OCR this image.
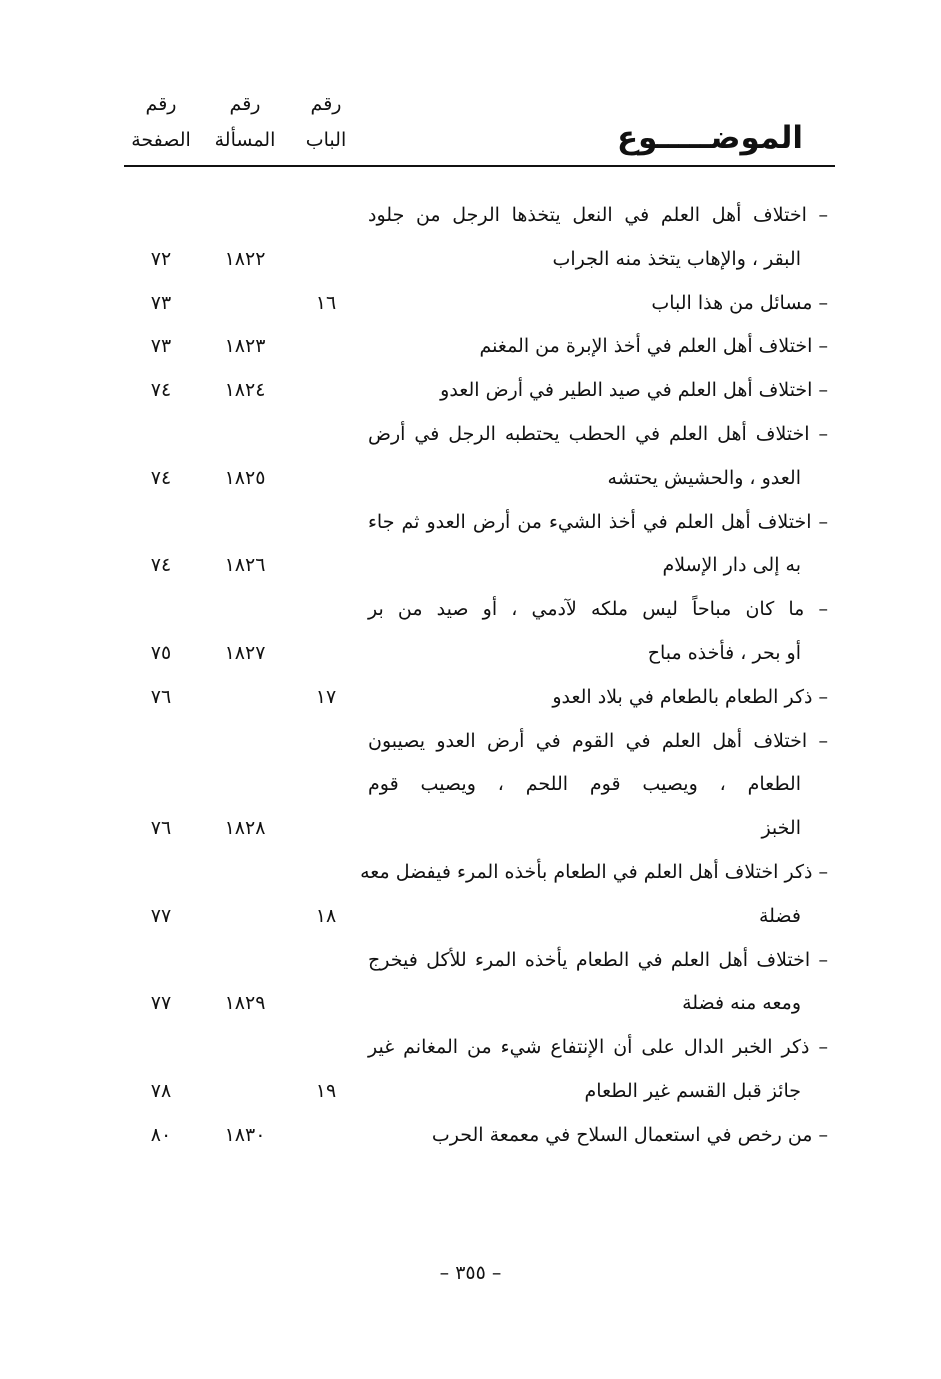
رقم
الباب
رقم
المسألة
رقم
الصفحة	الموضـــــوع
– اختلاف أهل العلم في النعل يتخذها الرجل من جلود
البقر ، والإهاب يتخذ منه الجراب
١٨٢٢
٧٢
– مسائل من هذا الباب
١٦
٧٣
– اختلاف أهل العلم في أخذ الإبرة من المغنم
١٨٢٣
٧٣
– اختلاف أهل العلم في صيد الطير في أرض العدو
١٨٢٤
٧٤
– اختلاف أهل العلم في الحطب يحتطبه الرجل في أرض
العدو ، والحشيش يحتشه
١٨٢٥
٧٤
– اختلاف أهل العلم في أخذ الشيء من أرض العدو ثم جاء
به إلى دار الإسلام
١٨٢٦
٧٤
– ما كان مباحاً ليس ملكه لآدمي ، أو صيد من بر
أو بحر ، فأخذه مباح
١٨٢٧
٧٥
– ذكر الطعام بالطعام في بلاد العدو
١٧
٧٦
– اختلاف أهل العلم في القوم في أرض العدو يصيبون
الطعام ، ويصيب قوم اللحم ، ويصيب قوم
الخبز
١٨٢٨
٧٦
– ذكر اختلاف أهل العلم في الطعام بأخذه المرء فيفضل معه
فضلة
١٨
٧٧
– اختلاف أهل العلم في الطعام يأخذه المرء للأكل فيخرج
ومعه منه فضلة
١٨٢٩
٧٧
– ذكر الخبر الدال على أن الإنتفاع شيء من المغانم غير
جائز قبل القسم غير الطعام
١٩
٧٨
– من رخص في استعمال السلاح في معمعة الحرب
١٨٣٠
٨٠
– ٣٥٥ –
